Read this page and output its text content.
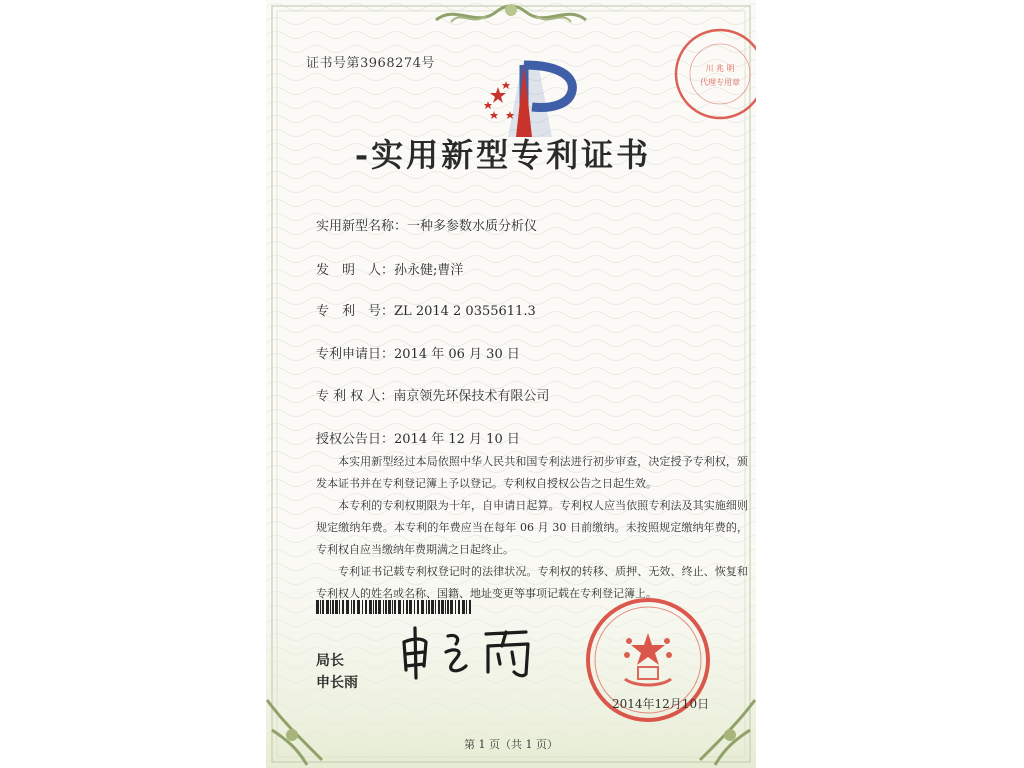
证书号第3968274号	川 兆 明
代理专用章
-实用新型专利证书
实用新型名称：一种多参数水质分析仪
发　明　人：孙永健;曹洋
专　利　号：ZL 2014 2 0355611.3
专利申请日：2014 年 06 月 30 日
专 利 权 人：南京领先环保技术有限公司
授权公告日：2014 年 12 月 10 日

本实用新型经过本局依照中华人民共和国专利法进行初步审查，决定授予专利权，颁发本证书并在专利登记簿上予以登记。专利权自授权公告之日起生效。

本专利的专利权期限为十年，自申请日起算。专利权人应当依照专利法及其实施细则规定缴纳年费。本专利的年费应当在每年 06 月 30 日前缴纳。未按照规定缴纳年费的，专利权自应当缴纳年费期满之日起终止。

专利证书记载专利权登记时的法律状况。专利权的转移、质押、无效、终止、恢复和专利权人的姓名或名称、国籍、地址变更等事项记载在专利登记簿上。

局长
申长雨
2014年12月10日
第 1 页（共 1 页）
